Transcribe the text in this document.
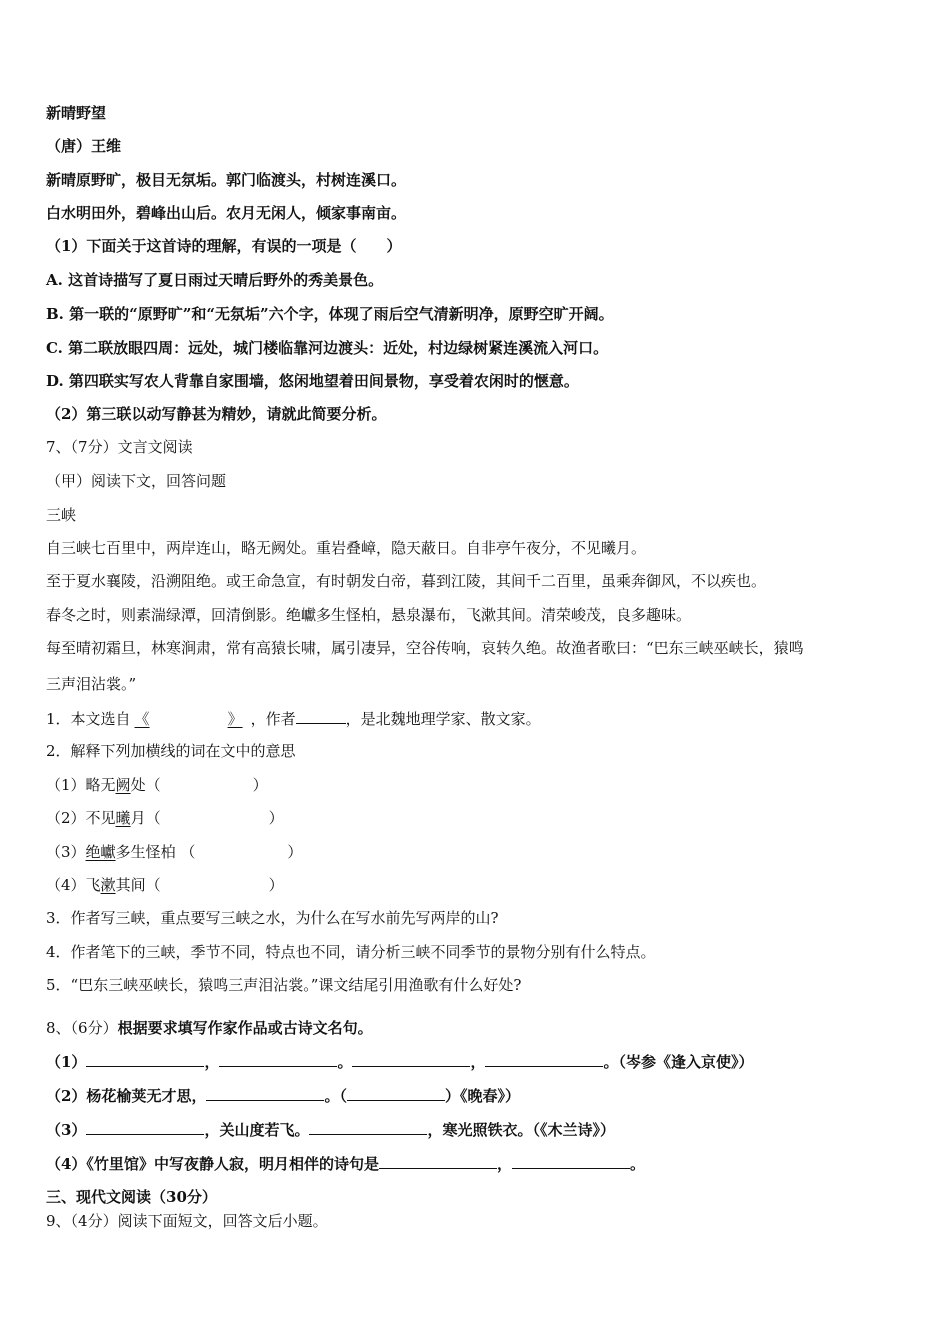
新晴野望
（唐）王维
新晴原野旷，极目无氛垢。郭门临渡头，村树连溪口。
白水明田外，碧峰出山后。农月无闲人，倾家事南亩。
（1）下面关于这首诗的理解，有误的一项是（　　）
A. 这首诗描写了夏日雨过天晴后野外的秀美景色。
B. 第一联的“原野旷”和“无氛垢”六个字，体现了雨后空气清新明净，原野空旷开阔。
C. 第二联放眼四周：远处，城门楼临靠河边渡头：近处，村边绿树紧连溪流入河口。
D. 第四联实写农人背靠自家围墙，悠闲地望着田间景物，享受着农闲时的惬意。
（2）第三联以动写静甚为精妙，请就此简要分析。
7、（7分）文言文阅读
（甲）阅读下文，回答问题
三峡
自三峡七百里中，两岸连山，略无阙处。重岩叠嶂，隐天蔽日。自非亭午夜分，不见曦月。
至于夏水襄陵，沿溯阻绝。或王命急宣，有时朝发白帝，暮到江陵，其间千二百里，虽乘奔御风，不以疾也。
春冬之时，则素湍绿潭，回清倒影。绝巘多生怪柏，悬泉瀑布，飞漱其间。清荣峻茂，良多趣味。
每至晴初霜旦，林寒涧肃，常有高猿长啸，属引凄异，空谷传响，哀转久绝。故渔者歌曰：“巴东三峡巫峡长，猿鸣
三声泪沾裳。”
1．本文选自 《	》 ，作者	，是北魏地理学家、散文家。
2．解释下列加横线的词在文中的意思
（1）略无阙处（	）
（2）不见曦月（	）
（3）绝巘多生怪柏 （	）
（4）飞漱其间（	）
3．作者写三峡，重点要写三峡之水，为什么在写水前先写两岸的山?
4．作者笔下的三峡，季节不同，特点也不同，请分析三峡不同季节的景物分别有什么特点。
5．“巴东三峡巫峡长，猿鸣三声泪沾裳。”课文结尾引用渔歌有什么好处?
8、（6分）根据要求填写作家作品或古诗文名句。
（1）	，	。	，	。（岑参《逢入京使》）
（2）杨花榆荚无才思，	。（	）《晚春》）
（3）	，关山度若飞。	，寒光照铁衣。（《木兰诗》）
（4）《竹里馆》中写夜静人寂，明月相伴的诗句是	，	。
三、现代文阅读（30分）
9、（4分）阅读下面短文，回答文后小题。
